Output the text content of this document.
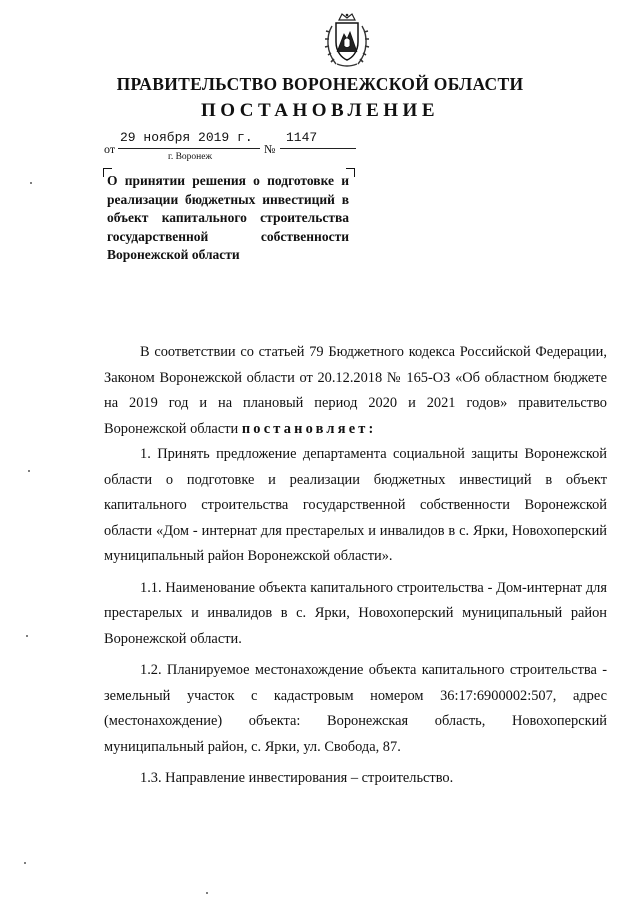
ПРАВИТЕЛЬСТВО ВОРОНЕЖСКОЙ ОБЛАСТИ
ПОСТАНОВЛЕНИЕ
от
29 ноября 2019 г.
№
1147
г. Воронеж
О принятии решения о подготовке и реализации бюджетных инвестиций в объект капитального строительства государственной собственности Воронежской области

В соответствии со статьей 79 Бюджетного кодекса Российской Федерации, Законом Воронежской области от 20.12.2018 № 165-ОЗ «Об областном бюджете на 2019 год и на плановый период 2020 и 2021 годов» правительство Воронежской области постановляет:

1. Принять предложение департамента социальной защиты Воронежской области о подготовке и реализации бюджетных инвестиций в объект капитального строительства государственной собственности Воронежской области «Дом - интернат для престарелых и инвалидов в с. Ярки, Новохоперский муниципальный район Воронежской области».

1.1. Наименование объекта капитального строительства - Дом-интернат для престарелых и инвалидов в с. Ярки, Новохоперский муниципальный район Воронежской области.

1.2. Планируемое местонахождение объекта капитального строительства - земельный участок с кадастровым номером 36:17:6900002:507, адрес (местонахождение) объекта: Воронежская область, Новохоперский муниципальный район, с. Ярки, ул. Свобода, 87.

1.3. Направление инвестирования – строительство.
